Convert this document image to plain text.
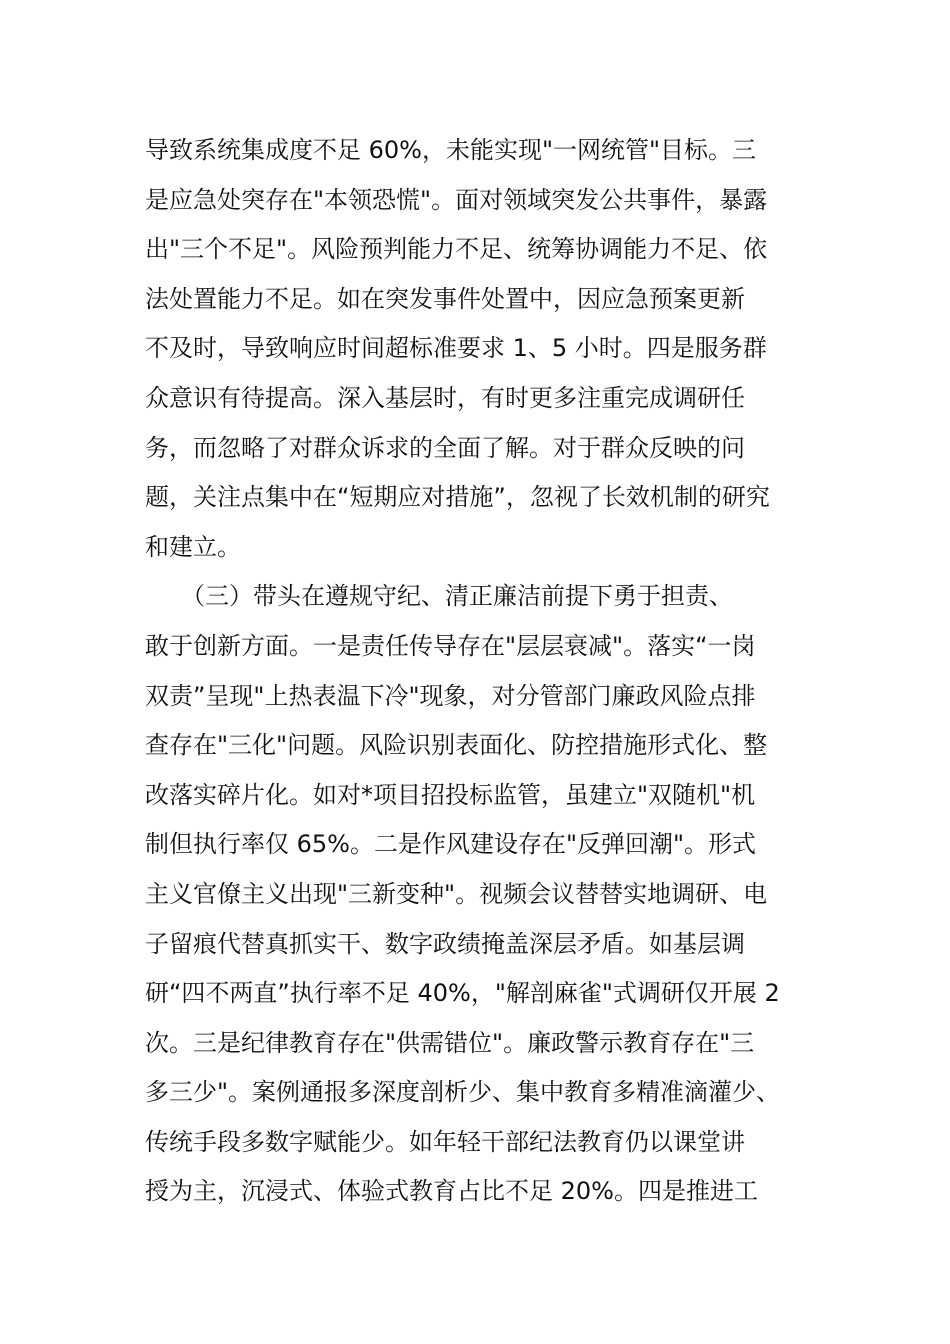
导致系统集成度不足 60%，未能实现"一网统管"目标。三
是应急处突存在"本领恐慌"。面对领域突发公共事件，暴露
出"三个不足"。风险预判能力不足、统筹协调能力不足、依
法处置能力不足。如在突发事件处置中，因应急预案更新
不及时，导致响应时间超标准要求 1、5 小时。四是服务群
众意识有待提高。深入基层时，有时更多注重完成调研任
务，而忽略了对群众诉求的全面了解。对于群众反映的问
题，关注点集中在“短期应对措施”，忽视了长效机制的研究
和建立。
　　（三）带头在遵规守纪、清正廉洁前提下勇于担责、
敢于创新方面。一是责任传导存在"层层衰减"。落实“一岗
双责”呈现"上热表温下冷"现象，对分管部门廉政风险点排
查存在"三化"问题。风险识别表面化、防控措施形式化、整
改落实碎片化。如对*项目招投标监管，虽建立"双随机"机
制但执行率仅 65%。二是作风建设存在"反弹回潮"。形式
主义官僚主义出现"三新变种"。视频会议替替实地调研、电
子留痕代替真抓实干、数字政绩掩盖深层矛盾。如基层调
研“四不两直”执行率不足 40%，"解剖麻雀"式调研仅开展 2
次。三是纪律教育存在"供需错位"。廉政警示教育存在"三
多三少"。案例通报多深度剖析少、集中教育多精准滴灌少、
传统手段多数字赋能少。如年轻干部纪法教育仍以课堂讲
授为主，沉浸式、体验式教育占比不足 20%。四是推进工
